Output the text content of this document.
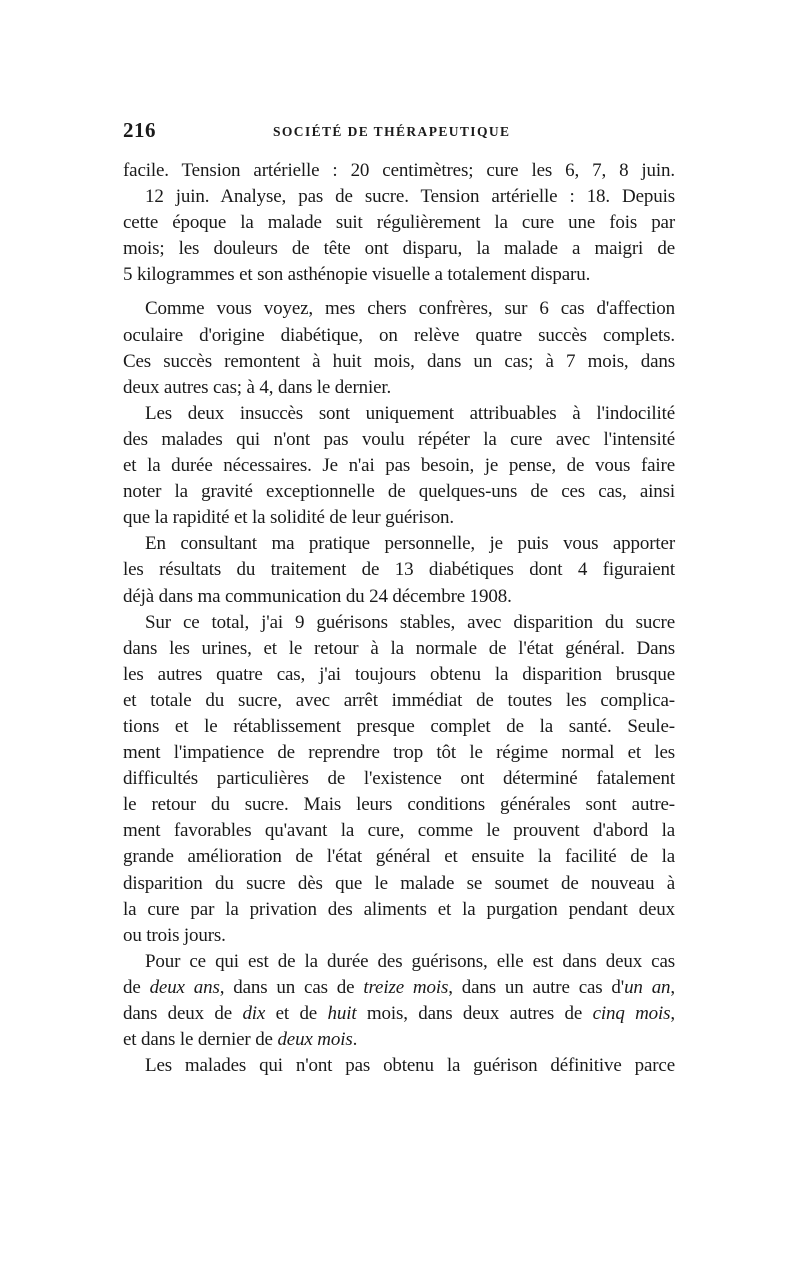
216	SOCIÉTÉ DE THÉRAPEUTIQUE
facile. Tension artérielle : 20 centimètres; cure les 6, 7, 8 juin.
12 juin. Analyse, pas de sucre. Tension artérielle : 18. Depuis
cette époque la malade suit régulièrement la cure une fois par
mois; les douleurs de tête ont disparu, la malade a maigri de
5 kilogrammes et son asthénopie visuelle a totalement disparu.
Comme vous voyez, mes chers confrères, sur 6 cas d'affection
oculaire d'origine diabétique, on relève quatre succès complets.
Ces succès remontent à huit mois, dans un cas; à 7 mois, dans
deux autres cas; à 4, dans le dernier.
Les deux insuccès sont uniquement attribuables à l'indocilité
des malades qui n'ont pas voulu répéter la cure avec l'intensité
et la durée nécessaires. Je n'ai pas besoin, je pense, de vous faire
noter la gravité exceptionnelle de quelques-uns de ces cas, ainsi
que la rapidité et la solidité de leur guérison.
En consultant ma pratique personnelle, je puis vous apporter
les résultats du traitement de 13 diabétiques dont 4 figuraient
déjà dans ma communication du 24 décembre 1908.
Sur ce total, j'ai 9 guérisons stables, avec disparition du sucre
dans les urines, et le retour à la normale de l'état général. Dans
les autres quatre cas, j'ai toujours obtenu la disparition brusque
et totale du sucre, avec arrêt immédiat de toutes les complica-
tions et le rétablissement presque complet de la santé. Seule-
ment l'impatience de reprendre trop tôt le régime normal et les
difficultés particulières de l'existence ont déterminé fatalement
le retour du sucre. Mais leurs conditions générales sont autre-
ment favorables qu'avant la cure, comme le prouvent d'abord la
grande amélioration de l'état général et ensuite la facilité de la
disparition du sucre dès que le malade se soumet de nouveau à
la cure par la privation des aliments et la purgation pendant deux
ou trois jours.
Pour ce qui est de la durée des guérisons, elle est dans deux cas
de deux ans, dans un cas de treize mois, dans un autre cas d'un an,
dans deux de dix et de huit mois, dans deux autres de cinq mois,
et dans le dernier de deux mois.
Les malades qui n'ont pas obtenu la guérison définitive parce
